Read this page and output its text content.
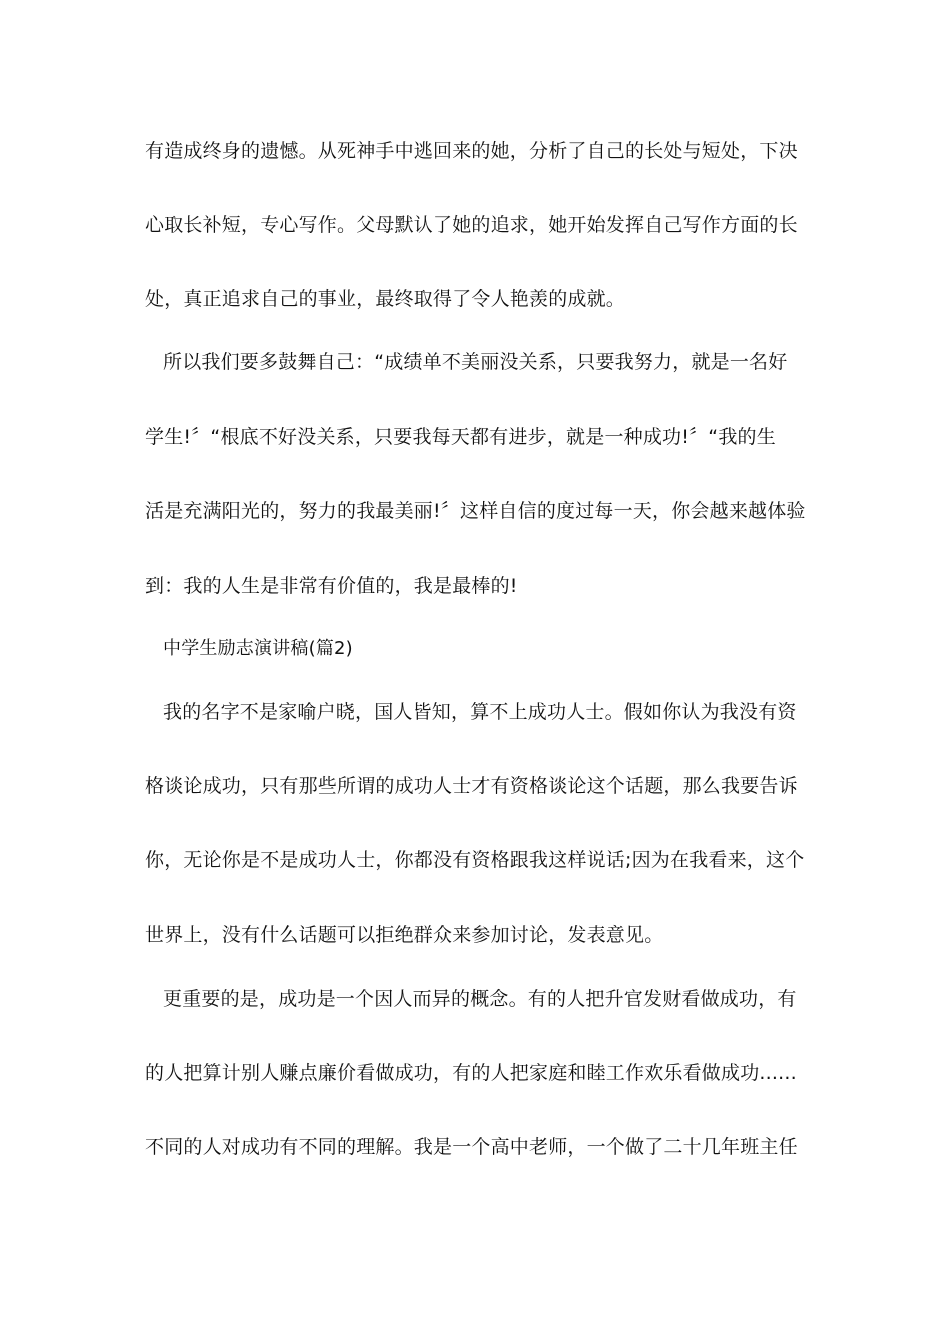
有造成终身的遗憾。从死神手中逃回来的她，分析了自己的长处与短处，下决
心取长补短，专心写作。父母默认了她的追求，她开始发挥自己写作方面的长
处，真正追求自己的事业，最终取得了令人艳羡的成就。
所以我们要多鼓舞自己：“成绩单不美丽没关系，只要我努力，就是一名好
学生!〞“根底不好没关系，只要我每天都有进步，就是一种成功!〞“我的生
活是充满阳光的，努力的我最美丽!〞这样自信的度过每一天，你会越来越体验
到：我的人生是非常有价值的，我是最棒的!
中学生励志演讲稿(篇2)
我的名字不是家喻户晓，国人皆知，算不上成功人士。假如你认为我没有资
格谈论成功，只有那些所谓的成功人士才有资格谈论这个话题，那么我要告诉
你，无论你是不是成功人士，你都没有资格跟我这样说话;因为在我看来，这个
世界上，没有什么话题可以拒绝群众来参加讨论，发表意见。
更重要的是，成功是一个因人而异的概念。有的人把升官发财看做成功，有
的人把算计别人赚点廉价看做成功，有的人把家庭和睦工作欢乐看做成功......
不同的人对成功有不同的理解。我是一个高中老师，一个做了二十几年班主任
